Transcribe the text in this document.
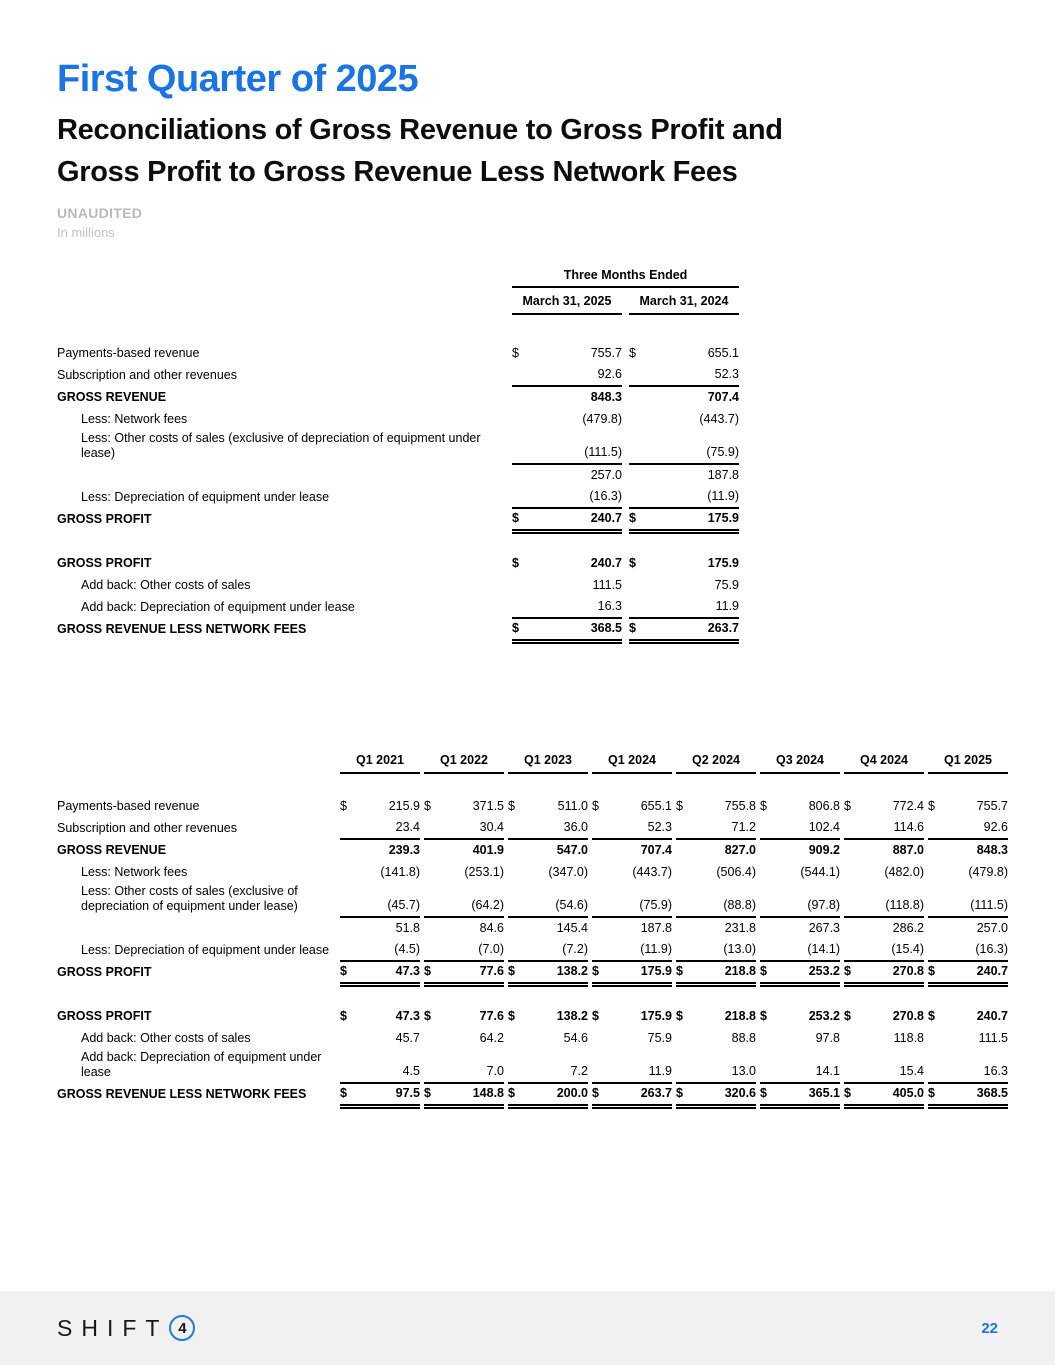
First Quarter of 2025
Reconciliations of Gross Revenue to Gross Profit and
Gross Profit to Gross Revenue Less Network Fees
UNAUDITED
In millions
Three Months Ended
March 31, 2025	March 31, 2024
Payments-based revenue	$	755.7 $	655.1
Subscription and other revenues	92.6	52.3
GROSS REVENUE	848.3	707.4
Less: Network fees	(479.8)	(443.7)
Less: Other costs of sales (exclusive of depreciation of equipment under lease)	(111.5)	(75.9)
257.0	187.8
Less: Depreciation of equipment under lease	(16.3)	(11.9)
GROSS PROFIT	$	240.7 $	175.9
GROSS PROFIT	$	240.7 $	175.9
Add back: Other costs of sales	111.5	75.9
Add back: Depreciation of equipment under lease	16.3	11.9
GROSS REVENUE LESS NETWORK FEES	$	368.5 $	263.7
Q1 2021	Q1 2022	Q1 2023	Q1 2024	Q2 2024	Q3 2024	Q4 2024	Q1 2025
Payments-based revenue	$	215.9 $	371.5 $	511.0 $	655.1 $	755.8 $	806.8 $	772.4 $	755.7
Subscription and other revenues	23.4	30.4	36.0	52.3	71.2	102.4	114.6	92.6
GROSS REVENUE	239.3	401.9	547.0	707.4	827.0	909.2	887.0	848.3
Less: Network fees	(141.8)	(253.1)	(347.0)	(443.7)	(506.4)	(544.1)	(482.0)	(479.8)
Less: Other costs of sales (exclusive of depreciation of equipment under lease)	(45.7)	(64.2)	(54.6)	(75.9)	(88.8)	(97.8)	(118.8)	(111.5)
51.8	84.6	145.4	187.8	231.8	267.3	286.2	257.0
Less: Depreciation of equipment under lease	(4.5)	(7.0)	(7.2)	(11.9)	(13.0)	(14.1)	(15.4)	(16.3)
GROSS PROFIT	$	47.3 $	77.6 $	138.2 $	175.9 $	218.8 $	253.2 $	270.8 $	240.7
GROSS PROFIT	$	47.3 $	77.6 $	138.2 $	175.9 $	218.8 $	253.2 $	270.8 $	240.7
Add back: Other costs of sales	45.7	64.2	54.6	75.9	88.8	97.8	118.8	111.5
Add back: Depreciation of equipment under lease	4.5	7.0	7.2	11.9	13.0	14.1	15.4	16.3
GROSS REVENUE LESS NETWORK FEES	$	97.5 $	148.8 $	200.0 $	263.7 $	320.6 $	365.1 $	405.0 $	368.5
SHIFT 4	22
